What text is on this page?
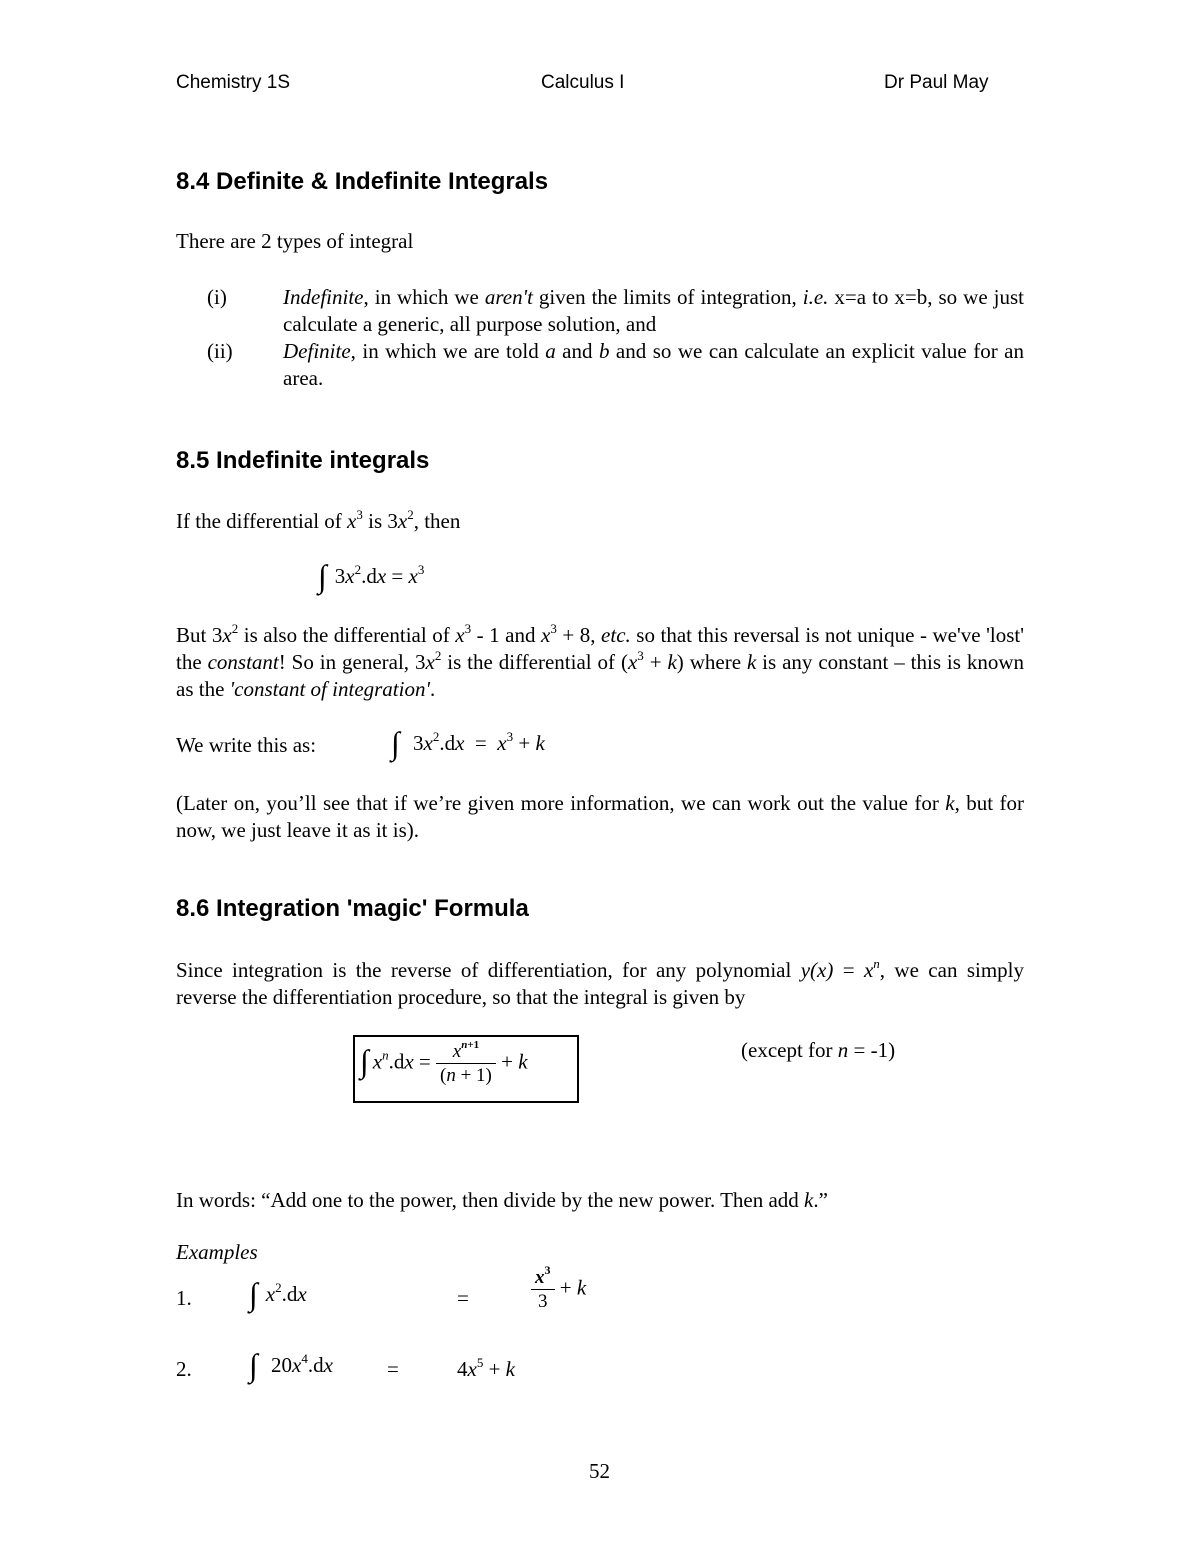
Chemistry 1S	Calculus I	Dr Paul May
8.4 Definite & Indefinite Integrals
There are 2 types of integral
(i)	Indefinite, in which we aren't given the limits of integration, i.e. x=a to x=b, so we just calculate a generic, all purpose solution, and
(ii) Definite, in which we are told a and b and so we can calculate an explicit value for an area.
8.5 Indefinite integrals
If the differential of $x^3$ is $3x^2$, then
∫ $3x^2.dx = x^3$
But $3x^2$ is also the differential of $x^3 - 1$ and $x^3 + 8$, etc. so that this reversal is not unique - we've 'lost' the constant! So in general, $3x^2$ is the differential of $(x^3 + k)$ where k is any constant – this is known as the 'constant of integration'.
We write this as: ∫ $3x^2.dx = x^3 + k$
(Later on, you’ll see that if we’re given more information, we can work out the value for k, but for now, we just leave it as it is).
8.6 Integration 'magic' Formula
Since integration is the reverse of differentiation, for any polynomial $y(x) = x^n$, we can simply reverse the differentiation procedure, so that the integral is given by
∫ $x^n.dx = \frac{x^{n+1}}{(n + 1)} + k$	(except for n = -1)
In words: “Add one to the power, then divide by the new power. Then add k.”
Examples
1. ∫ $x^2.dx$	=	$\frac{x^3}{3} + k$
2. ∫ $20x^4.dx$	=	$4x^5 + k$
52
